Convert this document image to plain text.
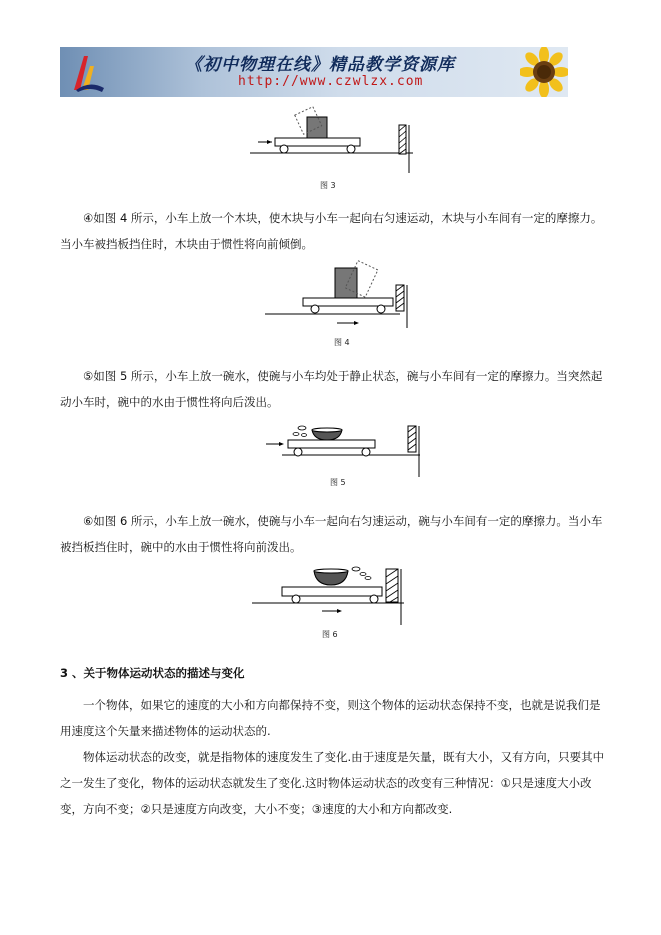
《初中物理在线》精品教学资源库
http://www.czwlzx.com
图 3

④如图 4 所示，小车上放一个木块，使木块与小车一起向右匀速运动，木块与小车间有一定的摩擦力。当小车被挡板挡住时，木块由于惯性将向前倾倒。

图 4

⑤如图 5 所示，小车上放一碗水，使碗与小车均处于静止状态，碗与小车间有一定的摩擦力。当突然起动小车时，碗中的水由于惯性将向后泼出。

图 5

⑥如图 6 所示，小车上放一碗水，使碗与小车一起向右匀速运动，碗与小车间有一定的摩擦力。当小车被挡板挡住时，碗中的水由于惯性将向前泼出。

图 6
3 、关于物体运动状态的描述与变化

一个物体，如果它的速度的大小和方向都保持不变，则这个物体的运动状态保持不变，也就是说我们是用速度这个矢量来描述物体的运动状态的.

物体运动状态的改变，就是指物体的速度发生了变化.由于速度是矢量，既有大小，又有方向，只要其中之一发生了变化，物体的运动状态就发生了变化.这时物体运动状态的改变有三种情况：①只是速度大小改变，方向不变；②只是速度方向改变，大小不变；③速度的大小和方向都改变.
